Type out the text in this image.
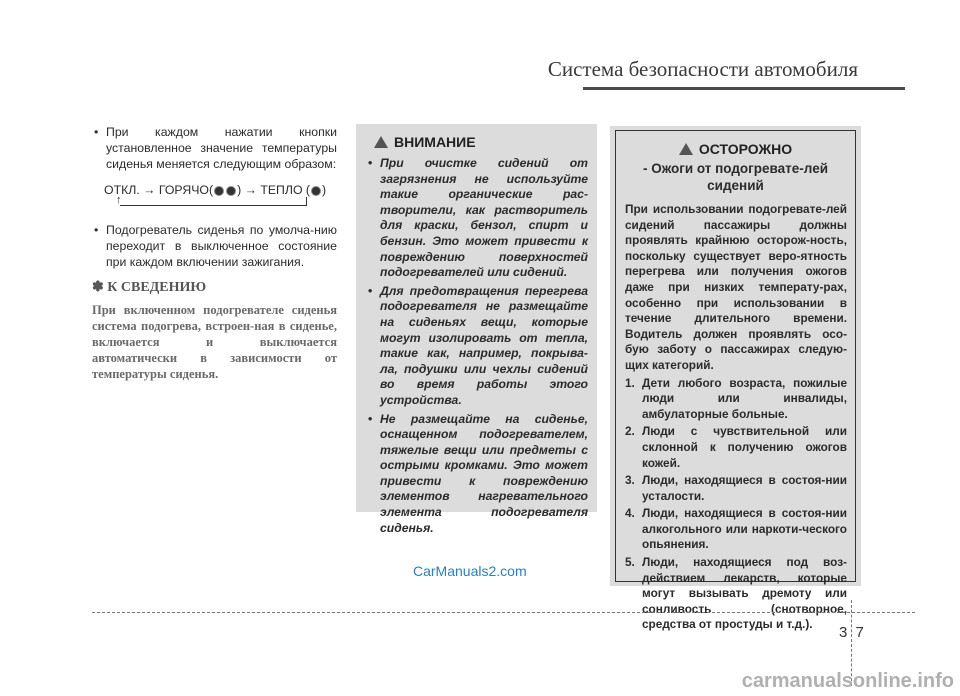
Система безопасности автомобиля
• При каждом нажатии кнопки установленное значение температуры сиденья меняется следующим образом:
ОТКЛ. → ГОРЯЧО( ) → ТЕПЛО ( )
↑
• Подогреватель сиденья по умолча-нию переходит в выключенное состояние при каждом включении зажигания.
✽ К СВЕДЕНИЮ
При включенном подогревателе сиденья система подогрева, встроен-ная в сиденье, включается и выключается автоматически в зависимости от температуры сиденья.
ВНИМАНИЕ
• При очистке сидений от загрязнения не используйте такие органические рас-творители, как растворитель для краски, бензол, спирт и бензин. Это может привести к повреждению поверхностей подогревателей или сидений.
• Для предотвращения перегрева подогревателя не размещайте на сиденьях вещи, которые могут изолировать от тепла, такие как, например, покрыва-ла, подушки или чехлы сидений во время работы этого устройства.
• Не размещайте на сиденье, оснащенном подогревателем, тяжелые вещи или предметы с острыми кромками. Это может привести к повреждению элементов нагревательного элемента подогревателя сиденья.
ОСТОРОЖНО
- Ожоги от подогревате-лей сидений
При использовании подогревате-лей сидений пассажиры должны проявлять крайнюю осторож-ность, поскольку существует веро-ятность перегрева или получения ожогов даже при низких температу-рах, особенно при использовании в течение длительного времени. Водитель должен проявлять осо-бую заботу о пассажирах следую-щих категорий.
1. Дети любого возраста, пожилые люди или инвалиды, амбулаторные больные.
2. Люди с чувствительной или склонной к получению ожогов кожей.
3. Люди, находящиеся в состоя-нии усталости.
4. Люди, находящиеся в состоя-нии алкогольного или наркоти-ческого опьянения.
5. Люди, находящиеся под воз-действием лекарств, которые могут вызывать дремоту или сонливость (снотворное, средства от простуды и т.д.).
CarManuals2.com
3 7
carmanualsonline.info
